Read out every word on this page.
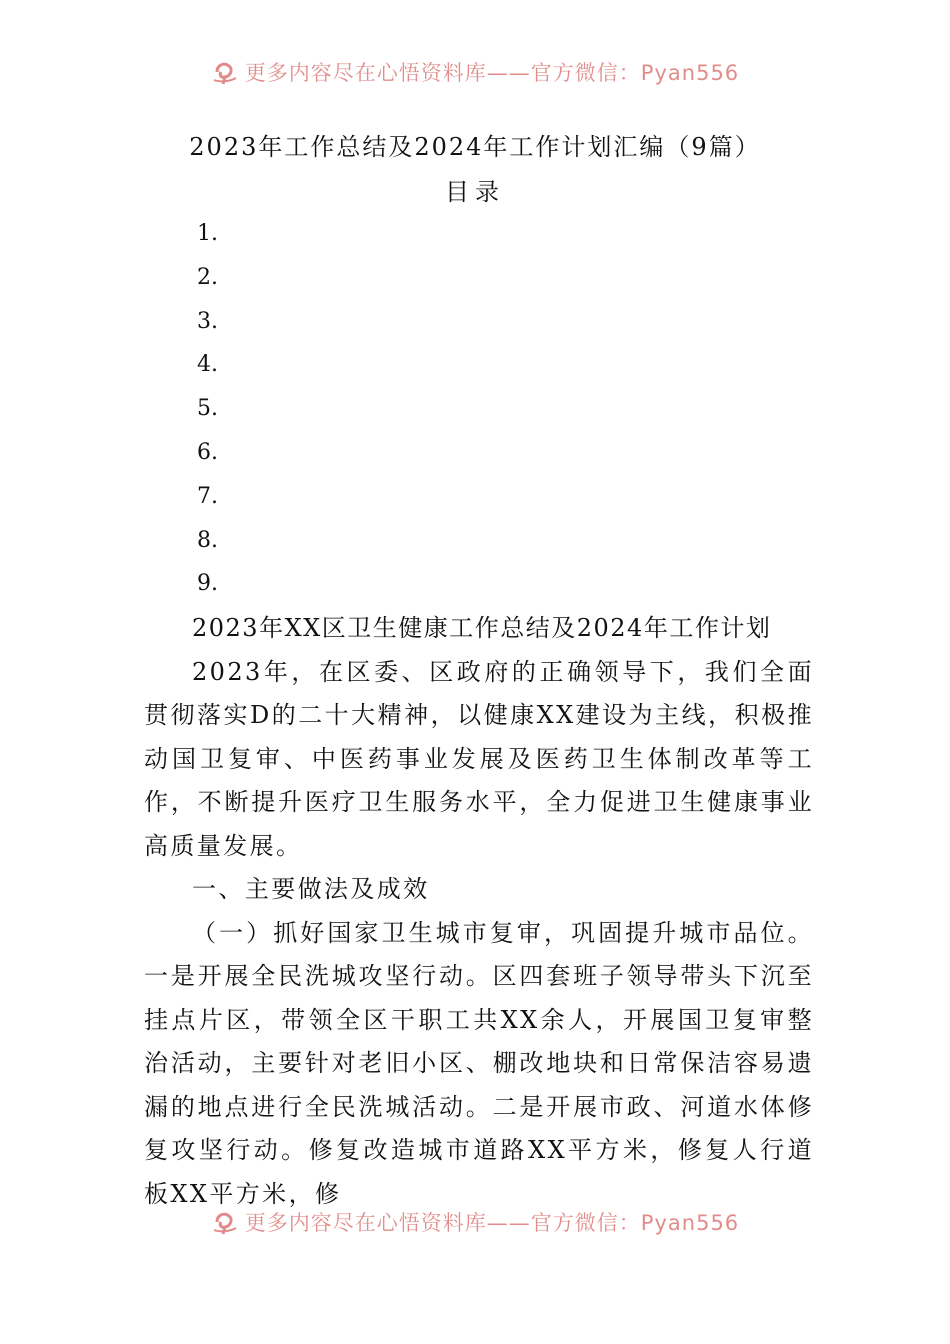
更多内容尽在心悟资料库——官方微信：Pyan556
2023年工作总结及2024年工作计划汇编（9篇）
目录
1.
2.
3.
4.
5.
6.
7.
8.
9.

2023年XX区卫生健康工作总结及2024年工作计划

2023年，在区委、区政府的正确领导下，我们全面贯彻落实D的二十大精神，以健康XX建设为主线，积极推动国卫复审、中医药事业发展及医药卫生体制改革等工作，不断提升医疗卫生服务水平，全力促进卫生健康事业高质量发展。

一、主要做法及成效

（一）抓好国家卫生城市复审，巩固提升城市品位。一是开展全民洗城攻坚行动。区四套班子领导带头下沉至挂点片区，带领全区干职工共XX余人，开展国卫复审整治活动，主要针对老旧小区、棚改地块和日常保洁容易遗漏的地点进行全民洗城活动。二是开展市政、河道水体修复攻坚行动。修复改造城市道路XX平方米，修复人行道板XX平方米，修

更多内容尽在心悟资料库——官方微信：Pyan556
